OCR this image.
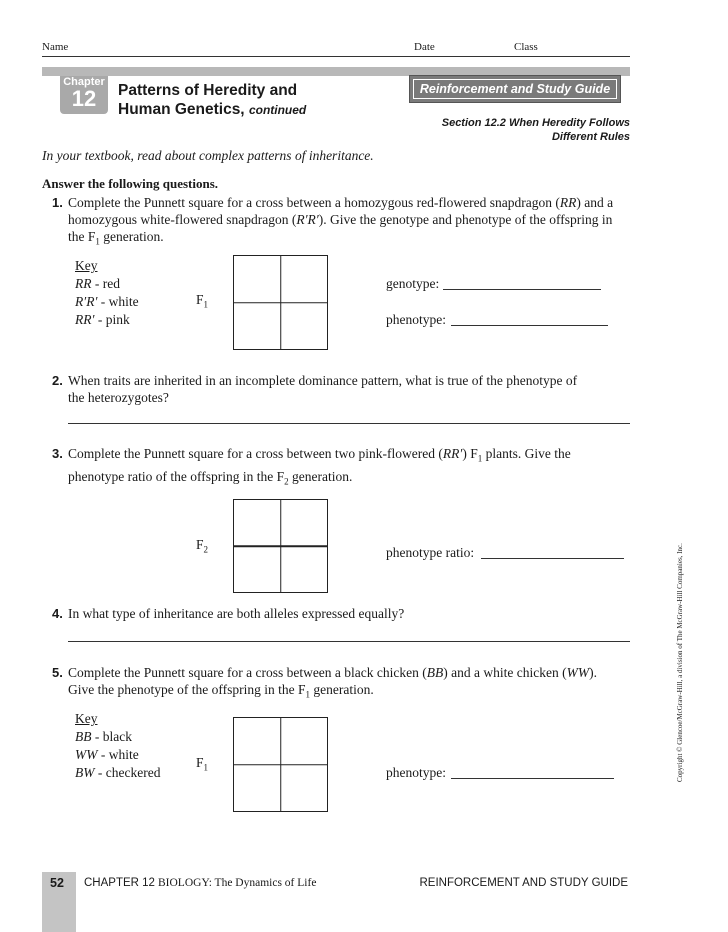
Name	Date	Class
Chapter
12	Patterns of Heredity and
Human Genetics, continued
Reinforcement and Study Guide
Section 12.2 When Heredity Follows
Different Rules
In your textbook, read about complex patterns of inheritance.
Answer the following questions.
1. Complete the Punnett square for a cross between a homozygous red-flowered snapdragon (RR) and a
homozygous white-flowered snapdragon (R′R′). Give the genotype and phenotype of the offspring in
the $F_1$ generation.
Key
RR - red
R′R′ - white
RR′ - pink
$F_1$
genotype:
phenotype:
2. When traits are inherited in an incomplete dominance pattern, what is true of the phenotype of
the heterozygotes?
3. Complete the Punnett square for a cross between two pink-flowered (RR′) $F_1$ plants. Give the
phenotype ratio of the offspring in the $F_2$ generation.
$F_2$	phenotype ratio:
4. In what type of inheritance are both alleles expressed equally?
5. Complete the Punnett square for a cross between a black chicken (BB) and a white chicken (WW).
Give the phenotype of the offspring in the $F_1$ generation.
Key
BB - black
WW - white
BW - checkered
$F_1$	phenotype:	Copyright © Glencoe/McGraw-Hill, a division of The McGraw-Hill Companies, Inc.
52 CHAPTER 12 BIOLOGY: The Dynamics of Life	REINFORCEMENT AND STUDY GUIDE
